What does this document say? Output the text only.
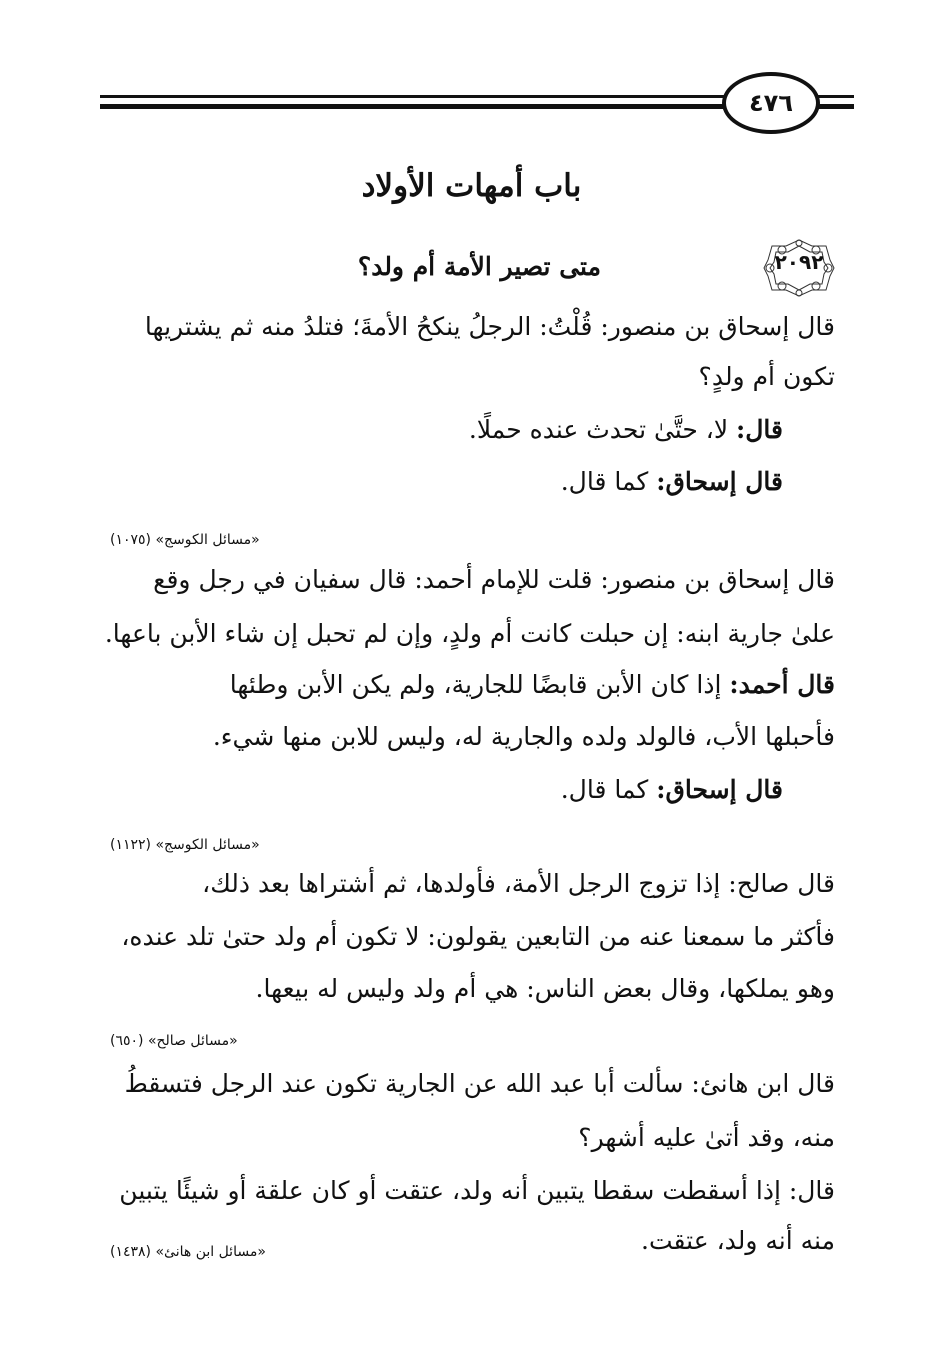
٤٧٦
باب أمهات الأولاد
٢٠٩٢
متى تصير الأمة أم ولد؟
قال إسحاق بن منصور: قُلْتُ: الرجلُ ينكحُ الأمةَ؛ فتلدُ منه ثم يشتريها
تكون أم ولدٍ؟
قال: لا، حتَّىٰ تحدث عنده حملًا.
قال إسحاق: كما قال.
«مسائل الكوسج» (١٠٧٥)
قال إسحاق بن منصور: قلت للإمام أحمد: قال سفيان في رجل وقع
علىٰ جارية ابنه: إن حبلت كانت أم ولدٍ، وإن لم تحبل إن شاء الأبن باعها.
قال أحمد: إذا كان الأبن قابضًا للجارية، ولم يكن الأبن وطئها
فأحبلها الأب، فالولد ولده والجارية له، وليس للابن منها شيء.
قال إسحاق: كما قال.
«مسائل الكوسج» (١١٢٢)
قال صالح: إذا تزوج الرجل الأمة، فأولدها، ثم أشتراها بعد ذلك،
فأكثر ما سمعنا عنه من التابعين يقولون: لا تكون أم ولد حتىٰ تلد عنده،
وهو يملكها، وقال بعض الناس: هي أم ولد وليس له بيعها.
«مسائل صالح» (٦٥٠)
قال ابن هانئ: سألت أبا عبد الله عن الجارية تكون عند الرجل فتسقطُ
منه، وقد أتىٰ عليه أشهر؟
قال: إذا أسقطت سقطا يتبين أنه ولد، عتقت أو كان علقة أو شيئًا يتبين
منه أنه ولد، عتقت.
«مسائل ابن هانئ» (١٤٣٨)
